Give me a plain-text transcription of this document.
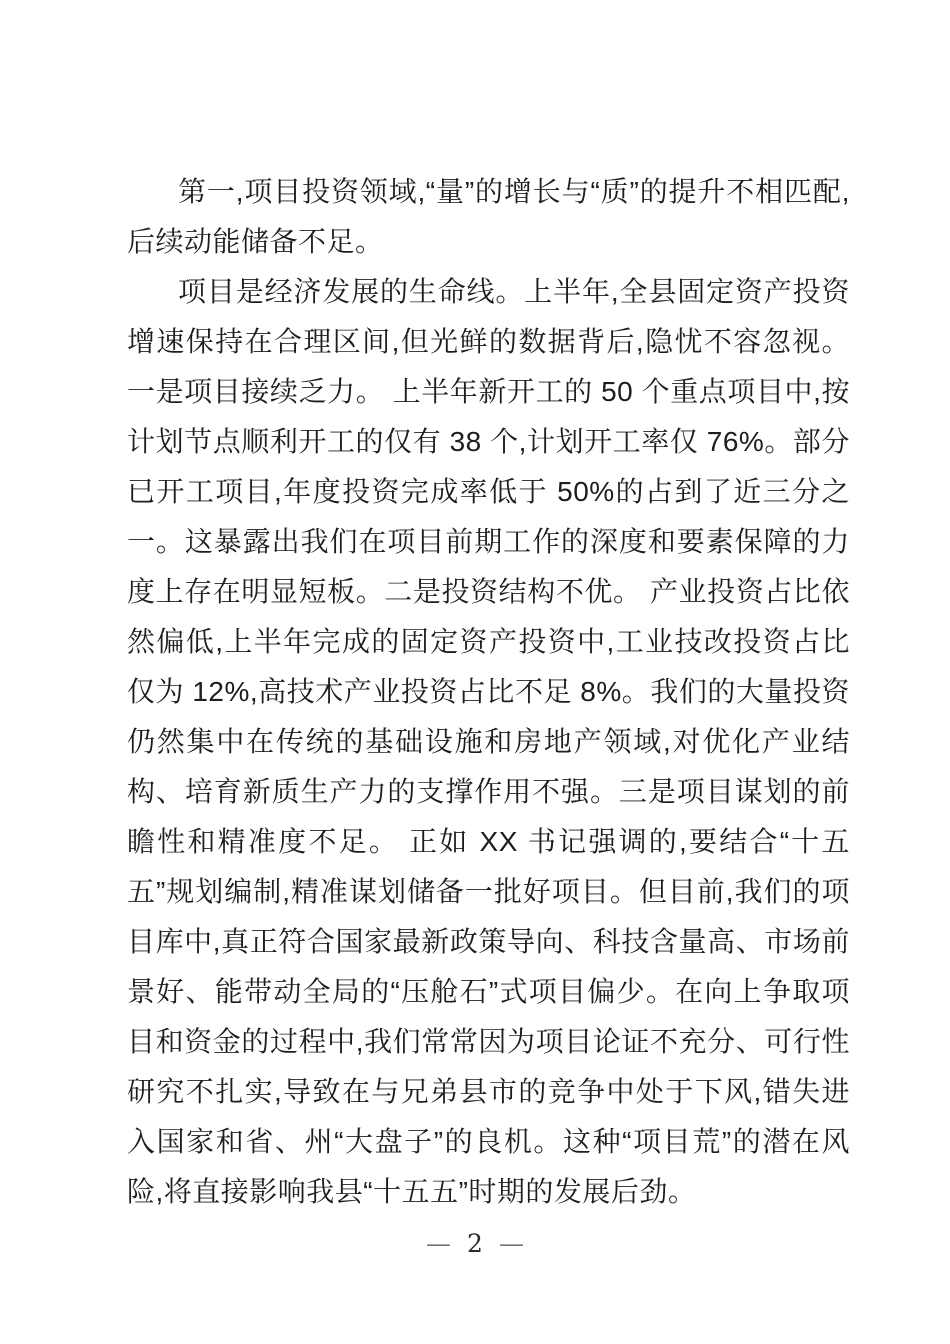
第一,项目投资领域,“量”的增长与“质”的提升不相匹配,后续动能储备不足。

项目是经济发展的生命线。上半年,全县固定资产投资增速保持在合理区间,但光鲜的数据背后,隐忧不容忽视。一是项目接续乏力。 上半年新开工的 50 个重点项目中,按计划节点顺利开工的仅有 38 个,计划开工率仅 76%。部分已开工项目,年度投资完成率低于 50%的占到了近三分之一。这暴露出我们在项目前期工作的深度和要素保障的力度上存在明显短板。二是投资结构不优。 产业投资占比依然偏低,上半年完成的固定资产投资中,工业技改投资占比仅为 12%,高技术产业投资占比不足 8%。我们的大量投资仍然集中在传统的基础设施和房地产领域,对优化产业结构、培育新质生产力的支撑作用不强。三是项目谋划的前瞻性和精准度不足。 正如 XX 书记强调的,要结合“十五五”规划编制,精准谋划储备一批好项目。但目前,我们的项目库中,真正符合国家最新政策导向、科技含量高、市场前景好、能带动全局的“压舱石”式项目偏少。在向上争取项目和资金的过程中,我们常常因为项目论证不充分、可行性研究不扎实,导致在与兄弟县市的竞争中处于下风,错失进入国家和省、州“大盘子”的良机。这种“项目荒”的潜在风险,将直接影响我县“十五五”时期的发展后劲。

— 2 —
